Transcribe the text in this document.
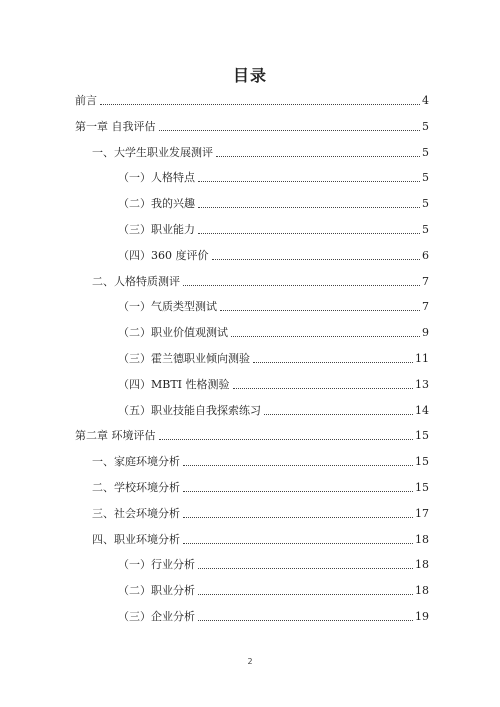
目录
前言	4
第一章 自我评估	5
一、大学生职业发展测评	5
（一）人格特点	5
（二）我的兴趣	5
（三）职业能力	5
（四）360 度评价	6
二、人格特质测评	7
（一）气质类型测试	7
（二）职业价值观测试	9
（三）霍兰德职业倾向测验	11
（四）MBTI 性格测验	13
（五）职业技能自我探索练习	14
第二章 环境评估	15
一、家庭环境分析	15
二、学校环境分析	15
三、社会环境分析	17
四、职业环境分析	18
（一）行业分析	18
（二）职业分析	18
（三）企业分析	19
2
